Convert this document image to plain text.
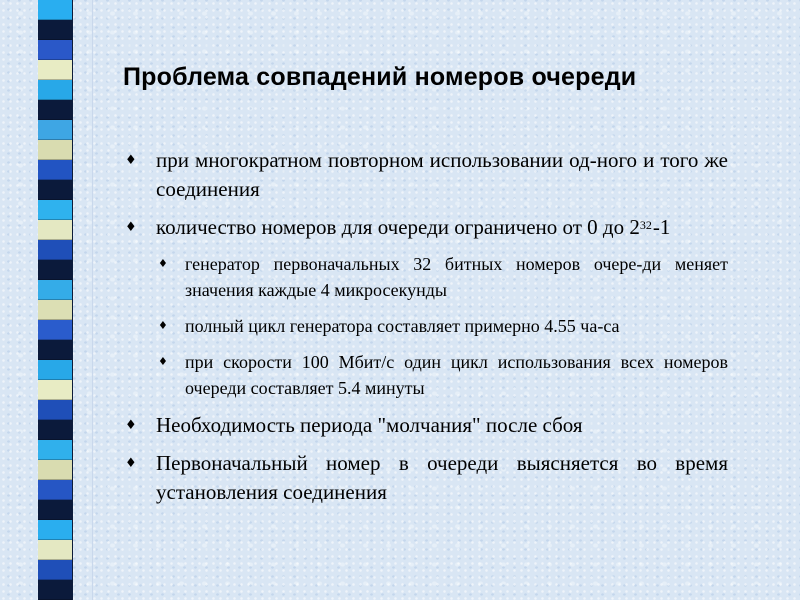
Проблема совпадений номеров очереди
♦ при многократном повторном использовании од-ного и того же соединения
♦ количество номеров для очереди ограничено от 0 до $2^{32}-1$
♦ генератор первоначальных 32 битных номеров очере-ди меняет значения каждые 4 микросекунды
♦ полный цикл генератора составляет примерно 4.55 ча-са
♦ при скорости 100 Мбит/с один цикл использования всех номеров очереди составляет 5.4 минуты
♦ Необходимость периода "молчания" после сбоя
♦ Первоначальный номер в очереди выясняется во время установления соединения
